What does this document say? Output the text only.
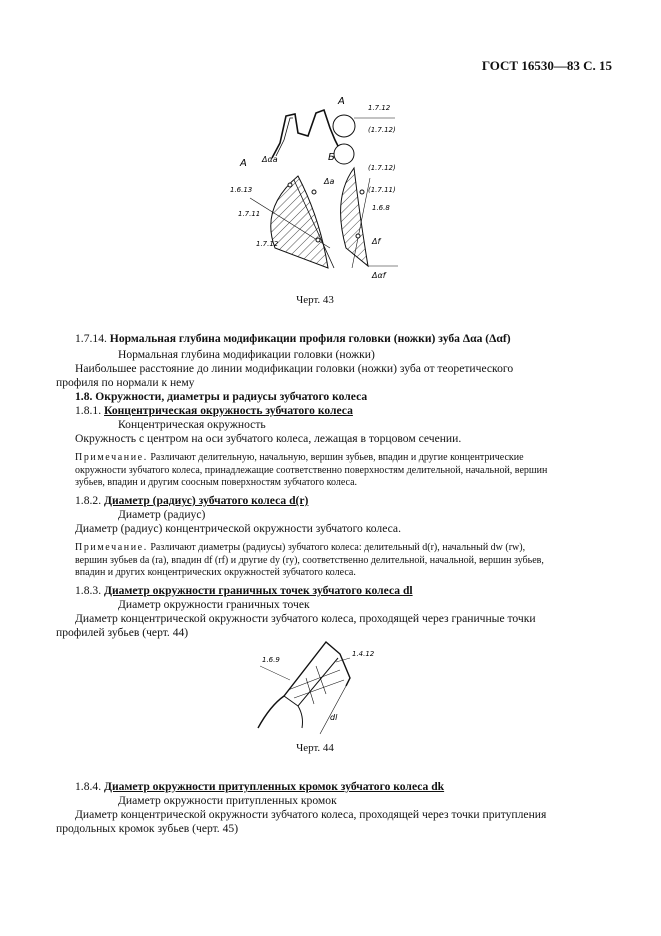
ГОСТ 16530—83 С. 15
А
Б
1.7.12
(1.7.12)
А Δαa
1.6.13
1.7.11
1.7.12
Δa
(1.7.12)
(1.7.11)
1.6.8
Δf
Δαf
Черт. 43
1.7.14. Нормальная глубина модификации профиля головки (ножки) зуба Δαa (Δαf)
Нормальная глубина модификации головки (ножки)
Наибольшее расстояние до линии модификации головки (ножки) зуба от теоретического
профиля по нормали к нему
1.8. Окружности, диаметры и радиусы зубчатого колеса
1.8.1. Концентрическая окружность зубчатого колеса
Концентрическая окружность
Окружность с центром на оси зубчатого колеса, лежащая в торцовом сечении.
Примечание. Различают делительную, начальную, вершин зубьев, впадин и другие концентрические
окружности зубчатого колеса, принадлежащие соответственно поверхностям делительной, начальной, вершин
зубьев, впадин и другим соосным поверхностям зубчатого колеса.
1.8.2. Диаметр (радиус) зубчатого колеса d(r)
Диаметр (радиус)
Диаметр (радиус) концентрической окружности зубчатого колеса.
Примечание. Различают диаметры (радиусы) зубчатого колеса: делительный d(r), начальный dw (rw),
вершин зубьев da (ra), впадин df (rf) и другие dy (ry), соответственно делительной, начальной, вершин зубьев,
впадин и других концентрических окружностей зубчатого колеса.
1.8.3. Диаметр окружности граничных точек зубчатого колеса dl
Диаметр окружности граничных точек
Диаметр концентрической окружности зубчатого колеса, проходящей через граничные точки
профилей зубьев (черт. 44)
1.6.9
1.4.12
dl
Черт. 44
1.8.4. Диаметр окружности притупленных кромок зубчатого колеса dk
Диаметр окружности притупленных кромок
Диаметр концентрической окружности зубчатого колеса, проходящей через точки притупления
продольных кромок зубьев (черт. 45)
